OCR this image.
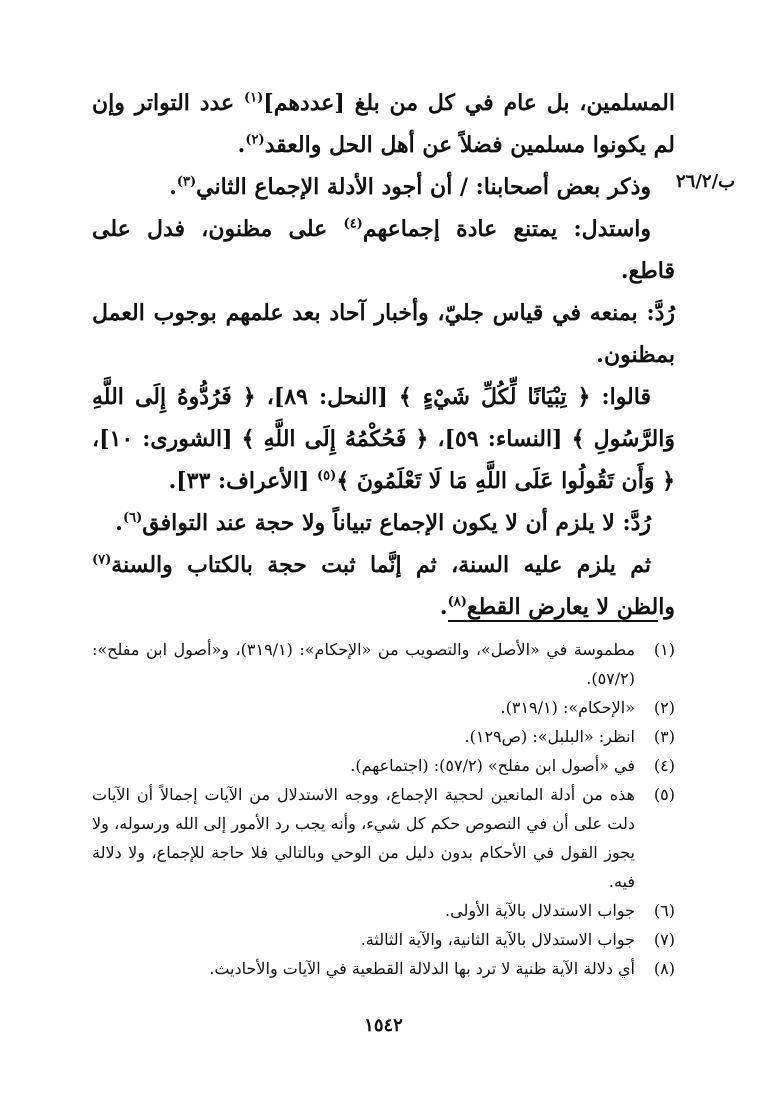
ب/٢٦/٢

المسلمين، بل عام في كل من بلغ [عددهم]$^{(١)}$ عدد التواتر وإن لم يكونوا مسلمين فضلاً عن أهل الحل والعقد$^{(٢)}$.

وذكر بعض أصحابنا: / أن أجود الأدلة الإجماع الثاني$^{(٣)}$.

واستدل: يمتنع عادة إجماعهم$^{(٤)}$ على مظنون، فدل على قاطع.

رُدَّ: بمنعه في قياس جليّ، وأخبار آحاد بعد علمهم بوجوب العمل بمظنون.

قالوا: ﴿ تِبْيَانًا لِّكُلِّ شَيْءٍ ﴾ [النحل: ٨٩]، ﴿ فَرُدُّوهُ إِلَى اللَّهِ وَالرَّسُولِ ﴾ [النساء: ٥٩]، ﴿ فَحُكْمُهُ إِلَى اللَّهِ ﴾ [الشورى: ١٠]، ﴿ وَأَن تَقُولُوا عَلَى اللَّهِ مَا لَا تَعْلَمُونَ ﴾$^{(٥)}$ [الأعراف: ٣٣].

رُدَّ: لا يلزم أن لا يكون الإجماع تبياناً ولا حجة عند التوافق$^{(٦)}$.

ثم يلزم عليه السنة، ثم إنَّما ثبت حجة بالكتاب والسنة$^{(٧)}$ والظن لا يعارض القطع$^{(٨)}$.

(١)
مطموسة في «الأصل»، والتصويب من «الإحكام»: (٣١٩/١)، و«أصول ابن مفلح»: (٥٧/٢).
(٢)
«الإحكام»: (٣١٩/١).
(٣)
انظر: «البلبل»: (ص١٢٩).
(٤)
في «أصول ابن مفلح» (٥٧/٢): (اجتماعهم).
(٥)
هذه من أدلة المانعين لحجية الإجماع، ووجه الاستدلال من الآيات إجمالاً أن الآيات دلت على أن في النصوص حكم كل شيء، وأنه يجب رد الأمور إلى الله ورسوله، ولا يجوز القول في الأحكام بدون دليل من الوحي وبالتالي فلا حاجة للإجماع، ولا دلالة فيه.
(٦)
جواب الاستدلال بالآية الأولى.
(٧)
جواب الاستدلال بالآية الثانية، والآية الثالثة.
(٨)
أي دلالة الآية ظنية لا ترد بها الدلالة القطعية في الآيات والأحاديث.
١٥٤٢
